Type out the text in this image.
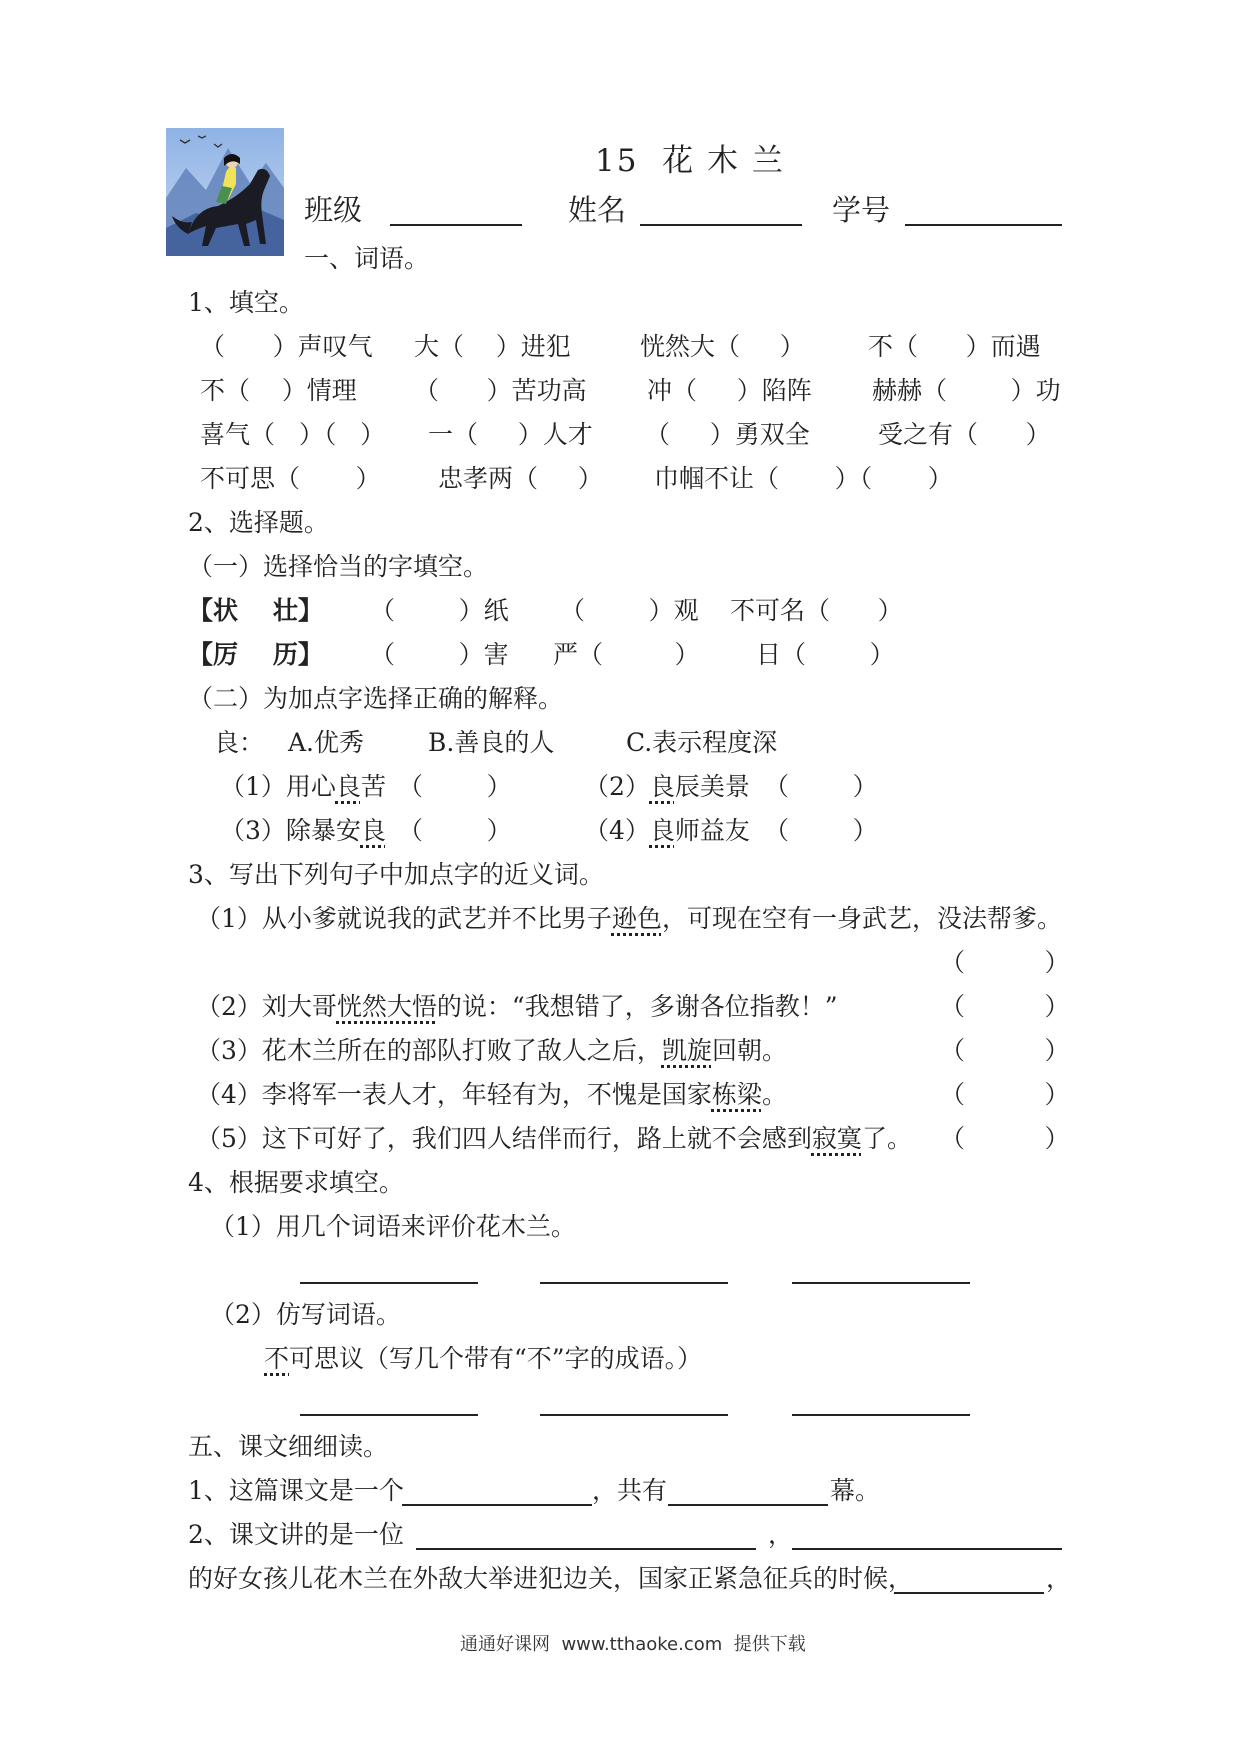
15  花 木 兰
班级	姓名	学号
一、词语。
1、填空。
（      ）声叹气 大（    ）进犯	恍然大（     ）	不（      ）而遇
不（    ）情理 （      ）苦功高 冲（     ）陷阵 赫赫（        ）功
喜气（   ）（   ） 一（     ）人才 （     ）勇双全	受之有（      ）
不可思（       ） 忠孝两（     ） 巾帼不让（       ）（       ）
2、选择题。
（一）选择恰当的字填空。
【状    壮】 （        ）纸 （        ）观 不可名（      ）
【厉    历】 （        ）害 严（         ） 日（        ）
（二）为加点字选择正确的解释。
良： A.优秀	B.善良的人	C.表示程度深
（1）用心良苦 （        ）	（2）良辰美景 （        ）
（3）除暴安良 （        ）	（4）良师益友 （        ）
3、写出下列句子中加点字的近义词。
（1）从小爹就说我的武艺并不比男子逊色，可现在空有一身武艺，没法帮爹。
（          ）
（2）刘大哥恍然大悟的说：“我想错了，多谢各位指教！”	（          ）
（3）花木兰所在的部队打败了敌人之后，凯旋回朝。	（          ）
（4）李将军一表人才，年轻有为，不愧是国家栋梁。	（          ）
（5）这下可好了，我们四人结伴而行，路上就不会感到寂寞了。 （          ）
4、根据要求填空。
（1）用几个词语来评价花木兰。
（2）仿写词语。
不可思议（写几个带有“不”字的成语。）
五、课文细细读。
1、这篇课文是一个	，共有	幕。
2、课文讲的是一位	，
的好女孩儿花木兰在外敌大举进犯边关，国家正紧急征兵的时候，	，
通通好课网  www.tthaoke.com  提供下载
